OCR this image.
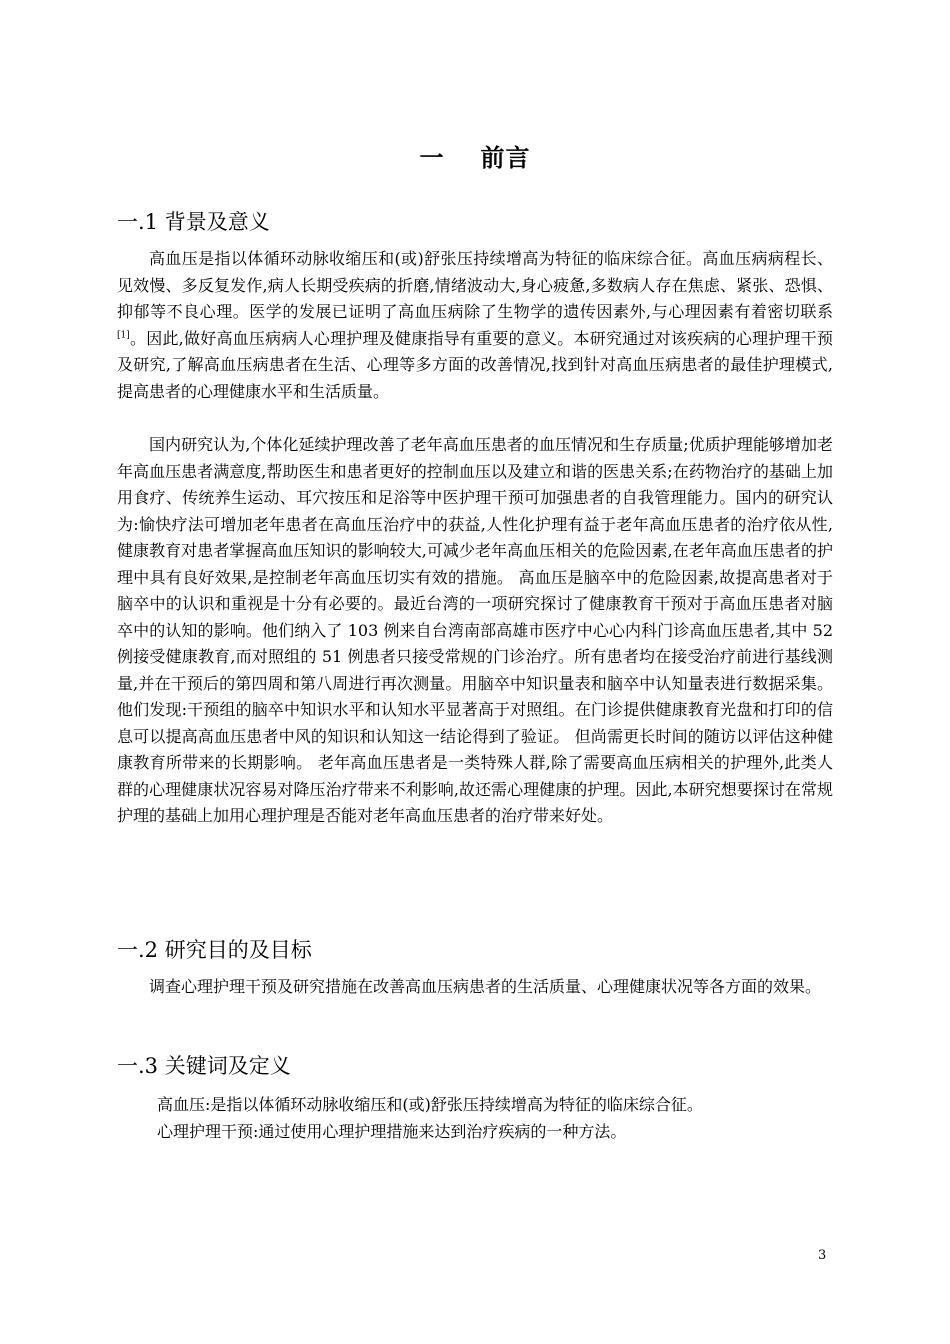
一 前言
一.1 背景及意义

高血压是指以体循环动脉收缩压和(或)舒张压持续增高为特征的临床综合征。高血压病病程长、见效慢、多反复发作,病人长期受疾病的折磨,情绪波动大,身心疲惫,多数病人存在焦虑、紧张、恐惧、抑郁等不良心理。医学的发展已证明了高血压病除了生物学的遗传因素外,与心理因素有着密切联系[1]。因此,做好高血压病病人心理护理及健康指导有重要的意义。本研究通过对该疾病的心理护理干预及研究,了解高血压病患者在生活、心理等多方面的改善情况,找到针对高血压病患者的最佳护理模式,提高患者的心理健康水平和生活质量。

国内研究认为,个体化延续护理改善了老年高血压患者的血压情况和生存质量;优质护理能够增加老年高血压患者满意度,帮助医生和患者更好的控制血压以及建立和谐的医患关系;在药物治疗的基础上加用食疗、传统养生运动、耳穴按压和足浴等中医护理干预可加强患者的自我管理能力。国内的研究认为:愉快疗法可增加老年患者在高血压治疗中的获益,人性化护理有益于老年高血压患者的治疗依从性,健康教育对患者掌握高血压知识的影响较大,可减少老年高血压相关的危险因素,在老年高血压患者的护理中具有良好效果,是控制老年高血压切实有效的措施。 高血压是脑卒中的危险因素,故提高患者对于脑卒中的认识和重视是十分有必要的。最近台湾的一项研究探讨了健康教育干预对于高血压患者对脑卒中的认知的影响。他们纳入了 103 例来自台湾南部高雄市医疗中心心内科门诊高血压患者,其中 52 例接受健康教育,而对照组的 51 例患者只接受常规的门诊治疗。所有患者均在接受治疗前进行基线测量,并在干预后的第四周和第八周进行再次测量。用脑卒中知识量表和脑卒中认知量表进行数据采集。他们发现:干预组的脑卒中知识水平和认知水平显著高于对照组。在门诊提供健康教育光盘和打印的信息可以提高高血压患者中风的知识和认知这一结论得到了验证。 但尚需更长时间的随访以评估这种健康教育所带来的长期影响。 老年高血压患者是一类特殊人群,除了需要高血压病相关的护理外,此类人群的心理健康状况容易对降压治疗带来不利影响,故还需心理健康的护理。因此,本研究想要探讨在常规护理的基础上加用心理护理是否能对老年高血压患者的治疗带来好处。

一.2 研究目的及目标

调查心理护理干预及研究措施在改善高血压病患者的生活质量、心理健康状况等各方面的效果。

一.3 关键词及定义

高血压:是指以体循环动脉收缩压和(或)舒张压持续增高为特征的临床综合征。

心理护理干预:通过使用心理护理措施来达到治疗疾病的一种方法。

3
